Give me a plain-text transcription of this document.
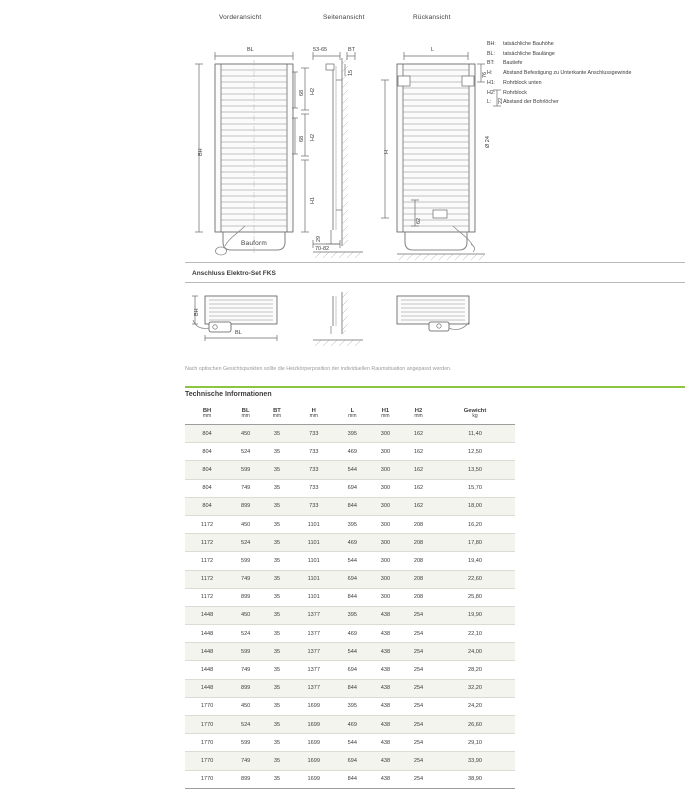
Vorderansicht	Seitenansicht	Rückansicht
BL
BH
H1
H2
H2
68
68
Bauform
53-65	BT
15
29
70-82
L
H
76
22
62
Ø 24
BH:	tatsächliche Bauhöhe
BL:	tatsächliche Baulänge
BT:	Bautiefe
H:	Abstand Befestigung zu Unterkante Anschlussgewinde
H1:	Rohrblock unten
H2:	Rohrblock
L:	Abstand der Bohrlöcher
Anschluss Elektro-Set FKS
BH
BL
Nach optischen Gesichtspunkten sollte die Heizkörperposition der individuellen Raumsituation angepasst werden.
Technische Informationen
BH
mm	BL
mm	BT
mm	H
mm	L
mm	H1
mm	H2
mm	Gewicht
kg

804	450	35	733	395	300	162	11,40
804	524	35	733	469	300	162	12,50
804	599	35	733	544	300	162	13,50
804	749	35	733	694	300	162	15,70
804	899	35	733	844	300	162	18,00
1172	450	35	1101	395	300	208	16,20
1172	524	35	1101	469	300	208	17,80
1172	599	35	1101	544	300	208	19,40
1172	749	35	1101	694	300	208	22,60
1172	899	35	1101	844	300	208	25,80
1448	450	35	1377	395	438	254	19,90
1448	524	35	1377	469	438	254	22,10
1448	599	35	1377	544	438	254	24,00
1448	749	35	1377	694	438	254	28,20
1448	899	35	1377	844	438	254	32,20
1770	450	35	1699	395	438	254	24,20
1770	524	35	1699	469	438	254	26,60
1770	599	35	1699	544	438	254	29,10
1770	749	35	1699	694	438	254	33,90
1770	899	35	1699	844	438	254	38,90
